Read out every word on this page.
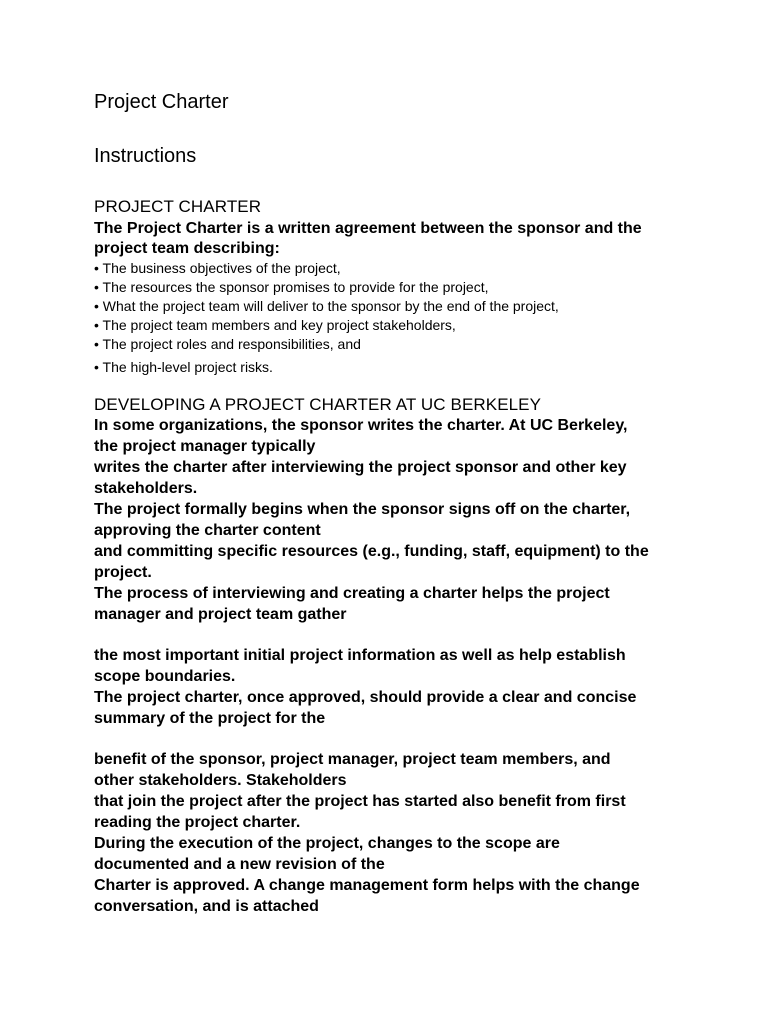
Project Charter
Instructions
PROJECT CHARTER
The Project Charter is a written agreement between the sponsor and the
project team describing:
• The business objectives of the project,
• The resources the sponsor promises to provide for the project,
• What the project team will deliver to the sponsor by the end of the project,
• The project team members and key project stakeholders,
• The project roles and responsibilities, and
• The high-level project risks.
DEVELOPING A PROJECT CHARTER AT UC BERKELEY

In some organizations, the sponsor writes the charter. At UC Berkeley,

the project manager typically

writes the charter after interviewing the project sponsor and other key

stakeholders.

The project formally begins when the sponsor signs off on the charter,

approving the charter content

and committing specific resources (e.g., funding, staff, equipment) to the

project.

The process of interviewing and creating a charter helps the project

manager and project team gather

the most important initial project information as well as help establish

scope boundaries.

The project charter, once approved, should provide a clear and concise

summary of the project for the

benefit of the sponsor, project manager, project team members, and

other stakeholders. Stakeholders

that join the project after the project has started also benefit from first

reading the project charter.

During the execution of the project, changes to the scope are

documented and a new revision of the

Charter is approved. A change management form helps with the change

conversation, and is attached
